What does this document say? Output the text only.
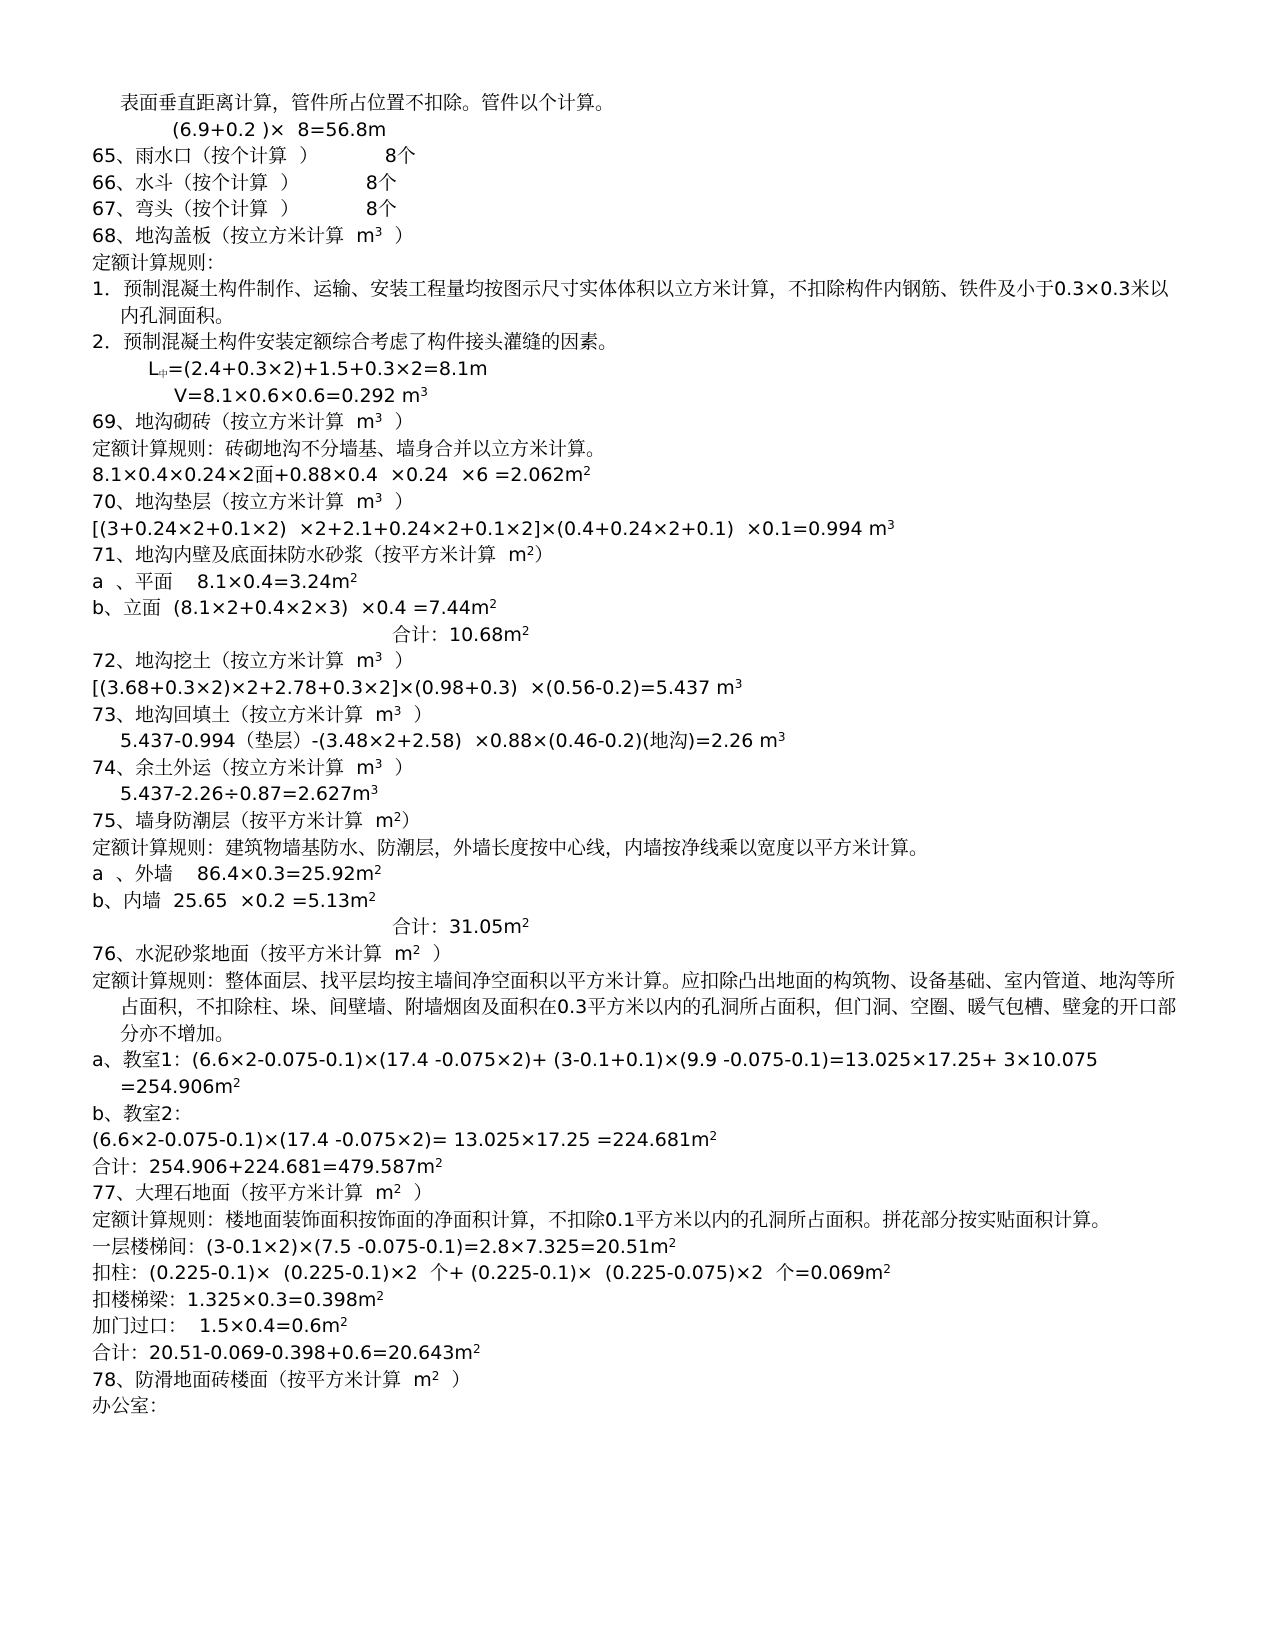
表面垂直距离计算，管件所占位置不扣除。管件以个计算。
(6.9+0.2 )×  8=56.8m
65、雨水口（按个计算  ）           8个
66、水斗（按个计算  ）           8个
67、弯头（按个计算  ）           8个
68、地沟盖板（按立方米计算  $m^3$  ）
定额计算规则：
1．预制混凝土构件制作、运输、安装工程量均按图示尺寸实体体积以立方米计算，不扣除构件内钢筋、铁件及小于0.3×0.3米以内孔洞面积。
2．预制混凝土构件安装定额综合考虑了构件接头灌缝的因素。
$L_中=(2.4+0.3\times 2)+1.5+0.3\times 2=8.1m$
V=8.1×0.6×0.6=0.292 $m^3$
69、地沟砌砖（按立方米计算  $m^3$  ）
定额计算规则：砖砌地沟不分墙基、墙身合并以立方米计算。
8.1×0.4×0.24×2面$+0.88\times 0.4 \times 0.24 \times 6 =2.062m^2$
70、地沟垫层（按立方米计算  $m^3$  ）
[(3+0.24×2+0.1×2)  ×2+2.1+0.24×2+0.1×2]×(0.4+0.24×2+0.1)  ×0.1=0.994 $m^3$
71、地沟内壁及底面抹防水砂浆（按平方米计算  $m^2$）
a  、平面    $8.1\times 0.4=3.24m^2$
b、立面  $(8.1\times 2+0.4\times 2\times 3) \times 0.4 =7.44m^2$
合计：$10.68m^2$
72、地沟挖土（按立方米计算  $m^3$  ）
[(3.68+0.3×2)×2+2.78+0.3×2]×(0.98+0.3)  ×(0.56-0.2)=5.437 $m^3$
73、地沟回填土（按立方米计算  $m^3$  ）
5.437-0.994（垫层）-(3.48×2+2.58)  ×0.88×(0.46-0.2)(地沟)=2.26 $m^3$
74、余土外运（按立方米计算  $m^3$  ）
$5.437-2.26\div 0.87=2.627m^3$
75、墙身防潮层（按平方米计算  $m^2$）
定额计算规则：建筑物墙基防水、防潮层，外墙长度按中心线，内墙按净线乘以宽度以平方米计算。
a  、外墙    $86.4\times 0.3=25.92m^2$
b、内墙  $25.65 \times 0.2 =5.13m^2$
合计：$31.05m^2$
76、水泥砂浆地面（按平方米计算  $m^2$  ）
定额计算规则：整体面层、找平层均按主墙间净空面积以平方米计算。应扣除凸出地面的构筑物、设备基础、室内管道、地沟等所占面积，不扣除柱、垛、间壁墙、附墙烟囱及面积在0.3平方米以内的孔洞所占面积，但门洞、空圈、暖气包槽、壁龛的开口部分亦不增加。
a、教室1：(6.6×2-0.075-0.1)×(17.4 -0.075×2)+ (3-0.1+0.1)×(9.9 $-0.075-0.1)=13.025\times 17.25+ 3\times 10.075 =254.906m^2$
b、教室2：
(6.6×2-0.075-0.1)×(17.4 $-0.075\times 2)= 13.025\times 17.25 =224.681m^2$
合计：$254.906+224.681=479.587m^2$
77、大理石地面（按平方米计算  $m^2$  ）
定额计算规则：楼地面装饰面积按饰面的净面积计算，不扣除0.1平方米以内的孔洞所占面积。拼花部分按实贴面积计算。
一层楼梯间：(3-0.1×2)×(7.5 $-0.075-0.1)=2.8\times 7.325=20.51m^2$
扣柱：(0.225-0.1)×  (0.225-0.1)×2  个+ (0.225-0.1)×  (0.225-0.075)×2  个$=0.069m^2$
扣楼梯梁：$1.325\times 0.3=0.398m^2$
加门过口：  $1.5\times 0.4=0.6m^2$
合计：$20.51-0.069-0.398+0.6=20.643m^2$
78、防滑地面砖楼面（按平方米计算  $m^2$  ）
办公室：
